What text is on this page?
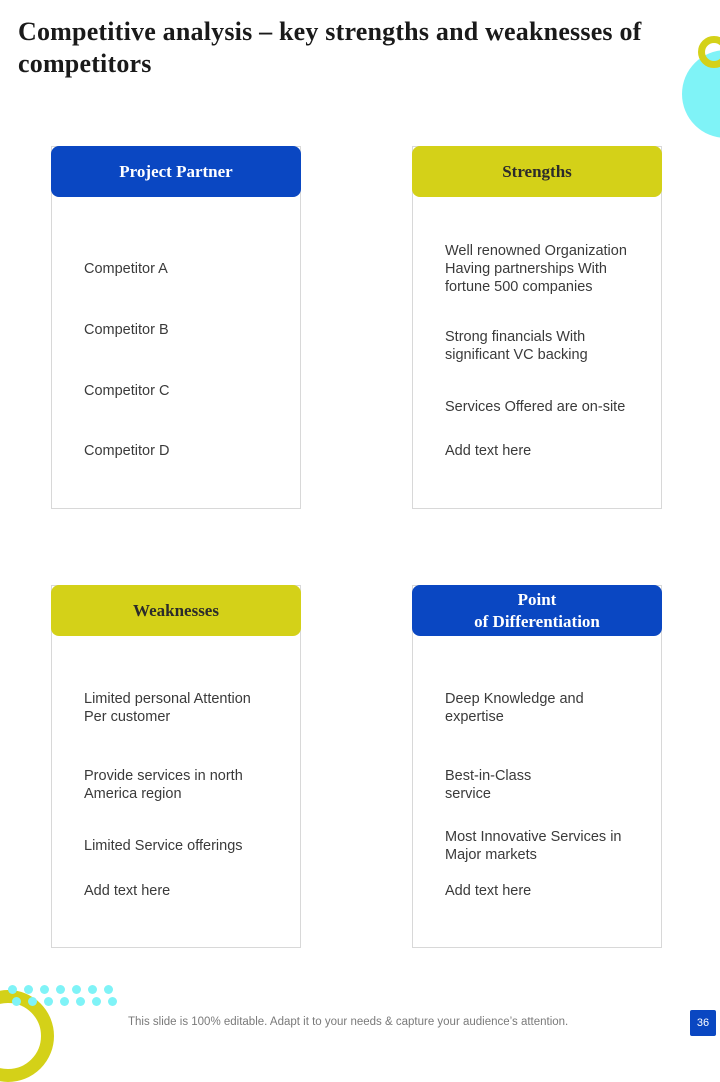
Competitive analysis – key strengths and weaknesses of competitors
Project Partner
Competitor A
Competitor B
Competitor C
Competitor D
Strengths
Well renowned Organization Having partnerships With fortune 500 companies
Strong financials With significant VC backing
Services Offered are on-site
Add text here
Weaknesses
Limited personal Attention Per customer
Provide services in north America region
Limited Service offerings
Add text here
Point
of Differentiation
Deep Knowledge and expertise
Best-in-Class service
Most Innovative Services in Major markets
Add text here
This slide is 100% editable. Adapt it to your needs & capture your audience’s attention.	36
